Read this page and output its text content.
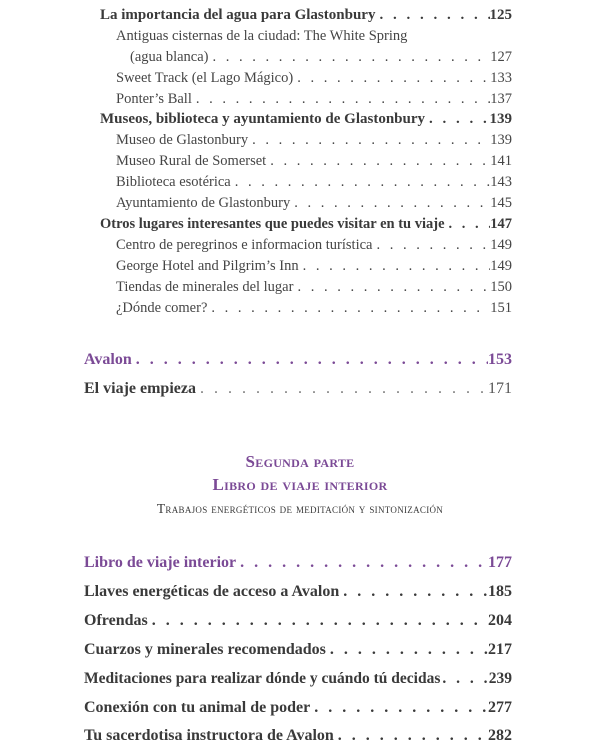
La importancia del agua para Glastonbury . . .	125
Antiguas cisternas de la ciudad: The White Spring
(agua blanca) . . .	127
Sweet Track (el Lago Mágico) . . .	133
Ponter’s Ball . . .	137
Museos, biblioteca y ayuntamiento de Glastonbury . . .	139
Museo de Glastonbury . . .	139
Museo Rural de Somerset . . .	141
Biblioteca esotérica . . .	143
Ayuntamiento de Glastonbury . . .	145
Otros lugares interesantes que puedes visitar en tu viaje . . .	147
Centro de peregrinos e informacion turística . . .	149
George Hotel and Pilgrim’s Inn . . .	149
Tiendas de minerales del lugar . . .	150
¿Dónde comer? . . .	151
Avalon . . .	153
El viaje empieza . . .	171
Segunda parte
Libro de viaje interior
Trabajos energéticos de meditación y sintonización
Libro de viaje interior . . .	177
Llaves energéticas de acceso a Avalon . . .	185
Ofrendas . . .	204
Cuarzos y minerales recomendados . . .	217
Meditaciones para realizar dónde y cuándo tú decidas . . .	239
Conexión con tu animal de poder . . .	277
Tu sacerdotisa instructora de Avalon . . .	282
